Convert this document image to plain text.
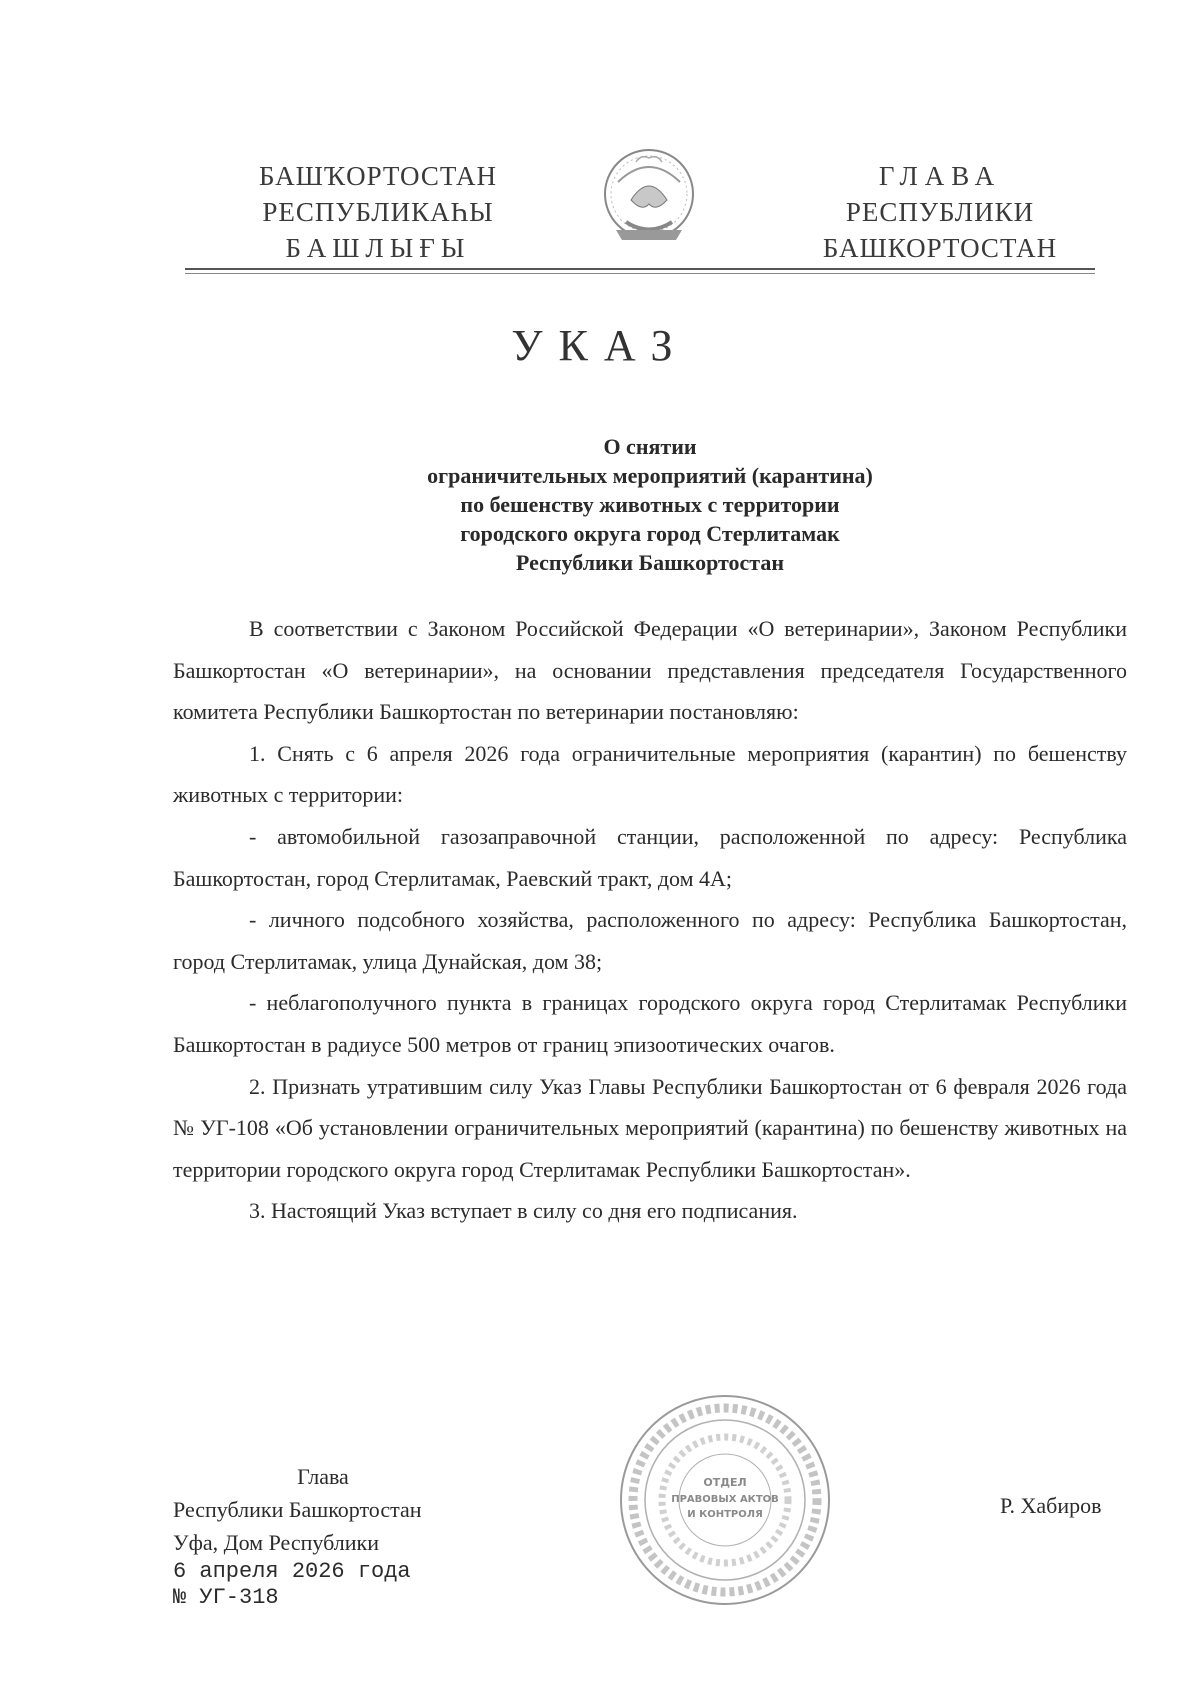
БАШҠОРТОСТАН
РЕСПУБЛИКАҺЫ
БАШЛЫҒЫ
ГЛАВА
РЕСПУБЛИКИ
БАШКОРТОСТАН
УКАЗ
О снятии
ограничительных мероприятий (карантина)
по бешенству животных с территории
городского округа город Стерлитамак
Республики Башкортостан

В соответствии с Законом Российской Федерации «О ветеринарии», Законом Республики Башкортостан «О ветеринарии», на основании представления председателя Государственного комитета Республики Башкортостан по ветеринарии постановляю:

1. Снять с 6 апреля 2026 года ограничительные мероприятия (карантин) по бешенству животных с территории:

- автомобильной газозаправочной станции, расположенной по адресу: Республика Башкортостан, город Стерлитамак, Раевский тракт, дом 4А;

- личного подсобного хозяйства, расположенного по адресу: Республика Башкортостан, город Стерлитамак, улица Дунайская, дом 38;

- неблагополучного пункта в границах городского округа город Стерлитамак Республики Башкортостан в радиусе 500 метров от границ эпизоотических очагов.

2. Признать утратившим силу Указ Главы Республики Башкортостан от 6 февраля 2026 года № УГ-108 «Об установлении ограничительных мероприятий (карантина) по бешенству животных на территории городского округа город Стерлитамак Республики Башкортостан».

3. Настоящий Указ вступает в силу со дня его подписания.

Глава
Республики Башкортостан
Уфа, Дом Республики
6 апреля 2026 года
№ УГ-318
ОТДЕЛ
ПРАВОВЫХ АКТОВ
И КОНТРОЛЯ	Р. Хабиров
